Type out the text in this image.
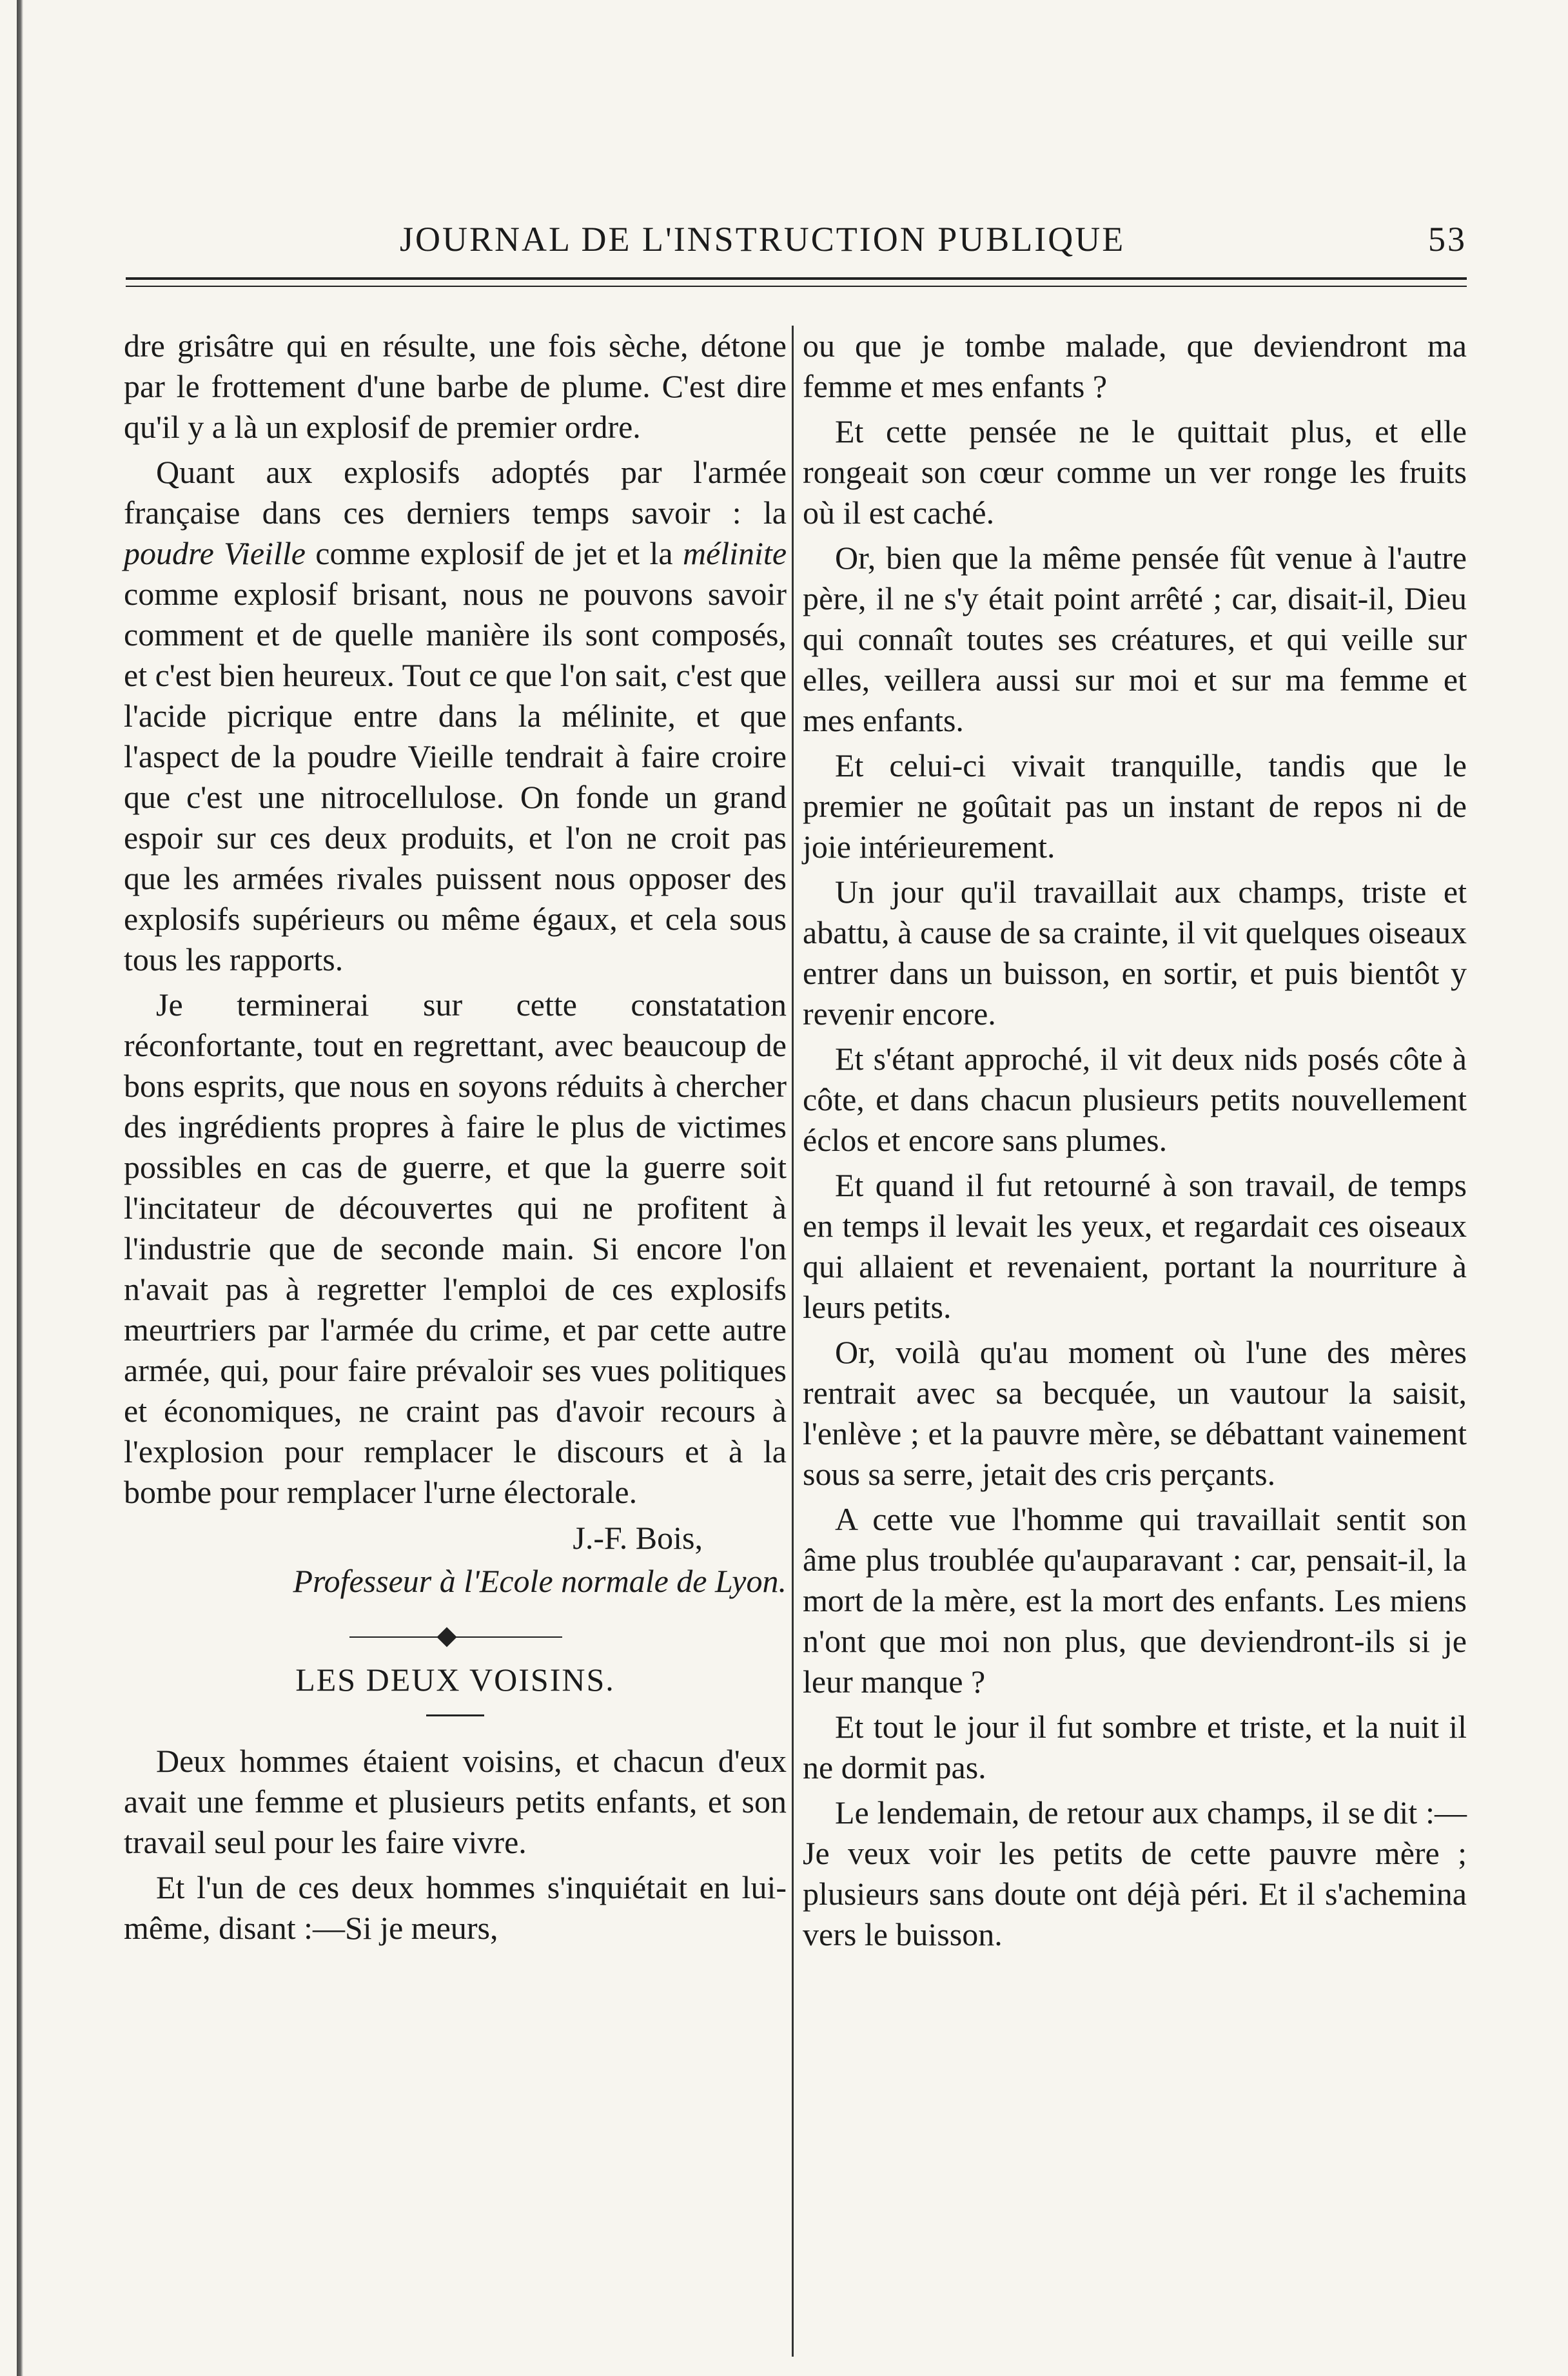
JOURNAL DE L'INSTRUCTION PUBLIQUE	53

dre grisâtre qui en résulte, une fois sèche, détone par le frottement d'une barbe de plume. C'est dire qu'il y a là un explosif de premier ordre.

Quant aux explosifs adoptés par l'armée française dans ces derniers temps savoir : la poudre Vieille comme explosif de jet et la mélinite comme explosif brisant, nous ne pouvons savoir comment et de quelle manière ils sont composés, et c'est bien heureux. Tout ce que l'on sait, c'est que l'acide picrique entre dans la mélinite, et que l'aspect de la poudre Vieille tendrait à faire croire que c'est une nitrocellulose. On fonde un grand espoir sur ces deux produits, et l'on ne croit pas que les armées rivales puissent nous opposer des explosifs supérieurs ou même égaux, et cela sous tous les rapports.

Je terminerai sur cette constatation réconfortante, tout en regrettant, avec beaucoup de bons esprits, que nous en soyons réduits à chercher des ingrédients propres à faire le plus de victimes possibles en cas de guerre, et que la guerre soit l'incitateur de découvertes qui ne profitent à l'industrie que de seconde main. Si encore l'on n'avait pas à regretter l'emploi de ces explosifs meurtriers par l'armée du crime, et par cette autre armée, qui, pour faire prévaloir ses vues politiques et économiques, ne craint pas d'avoir recours à l'explosion pour remplacer le discours et à la bombe pour remplacer l'urne électorale.

J.-F. Bois,

Professeur à l'Ecole normale de Lyon.

LES DEUX VOISINS.

Deux hommes étaient voisins, et chacun d'eux avait une femme et plusieurs petits enfants, et son travail seul pour les faire vivre.

Et l'un de ces deux hommes s'inquiétait en lui-même, disant :—Si je meurs,

ou que je tombe malade, que deviendront ma femme et mes enfants ?

Et cette pensée ne le quittait plus, et elle rongeait son cœur comme un ver ronge les fruits où il est caché.

Or, bien que la même pensée fût venue à l'autre père, il ne s'y était point arrêté ; car, disait-il, Dieu qui connaît toutes ses créatures, et qui veille sur elles, veillera aussi sur moi et sur ma femme et mes enfants.

Et celui-ci vivait tranquille, tandis que le premier ne goûtait pas un instant de repos ni de joie intérieurement.

Un jour qu'il travaillait aux champs, triste et abattu, à cause de sa crainte, il vit quelques oiseaux entrer dans un buisson, en sortir, et puis bientôt y revenir encore.

Et s'étant approché, il vit deux nids posés côte à côte, et dans chacun plusieurs petits nouvellement éclos et encore sans plumes.

Et quand il fut retourné à son travail, de temps en temps il levait les yeux, et regardait ces oiseaux qui allaient et revenaient, portant la nourriture à leurs petits.

Or, voilà qu'au moment où l'une des mères rentrait avec sa becquée, un vautour la saisit, l'enlève ; et la pauvre mère, se débattant vainement sous sa serre, jetait des cris perçants.

A cette vue l'homme qui travaillait sentit son âme plus troublée qu'auparavant : car, pensait-il, la mort de la mère, est la mort des enfants. Les miens n'ont que moi non plus, que deviendront-ils si je leur manque ?

Et tout le jour il fut sombre et triste, et la nuit il ne dormit pas.

Le lendemain, de retour aux champs, il se dit :—Je veux voir les petits de cette pauvre mère ; plusieurs sans doute ont déjà péri. Et il s'achemina vers le buisson.
